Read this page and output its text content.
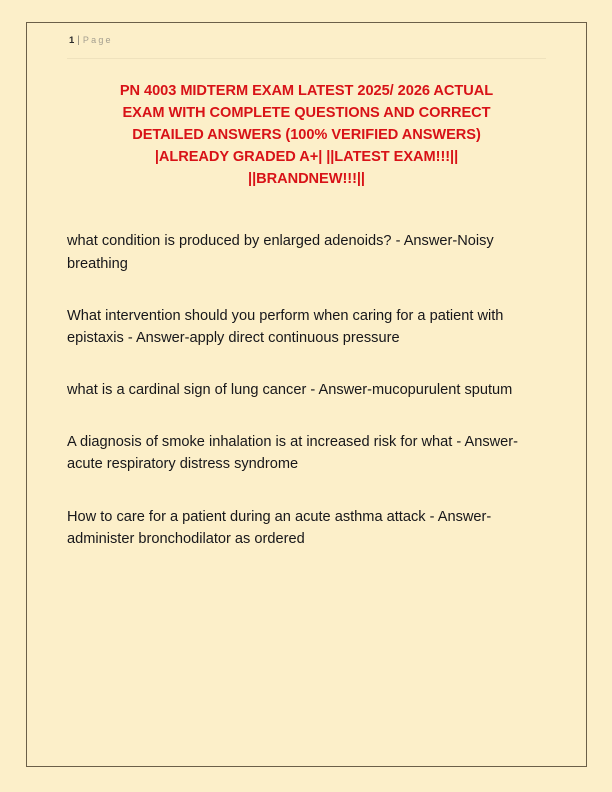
1 | Page
PN 4003 MIDTERM EXAM LATEST 2025/ 2026 ACTUAL
EXAM WITH COMPLETE QUESTIONS AND CORRECT
DETAILED ANSWERS (100% VERIFIED ANSWERS)
|ALREADY GRADED A+| ||LATEST EXAM!!!||
||BRANDNEW!!!||

what condition is produced by enlarged adenoids? - Answer-Noisy breathing

What intervention should you perform when caring for a patient with epistaxis - Answer-apply direct continuous pressure

what is a cardinal sign of lung cancer - Answer-mucopurulent sputum

A diagnosis of smoke inhalation is at increased risk for what - Answer-acute respiratory distress syndrome

How to care for a patient during an acute asthma attack - Answer-administer bronchodilator as ordered
